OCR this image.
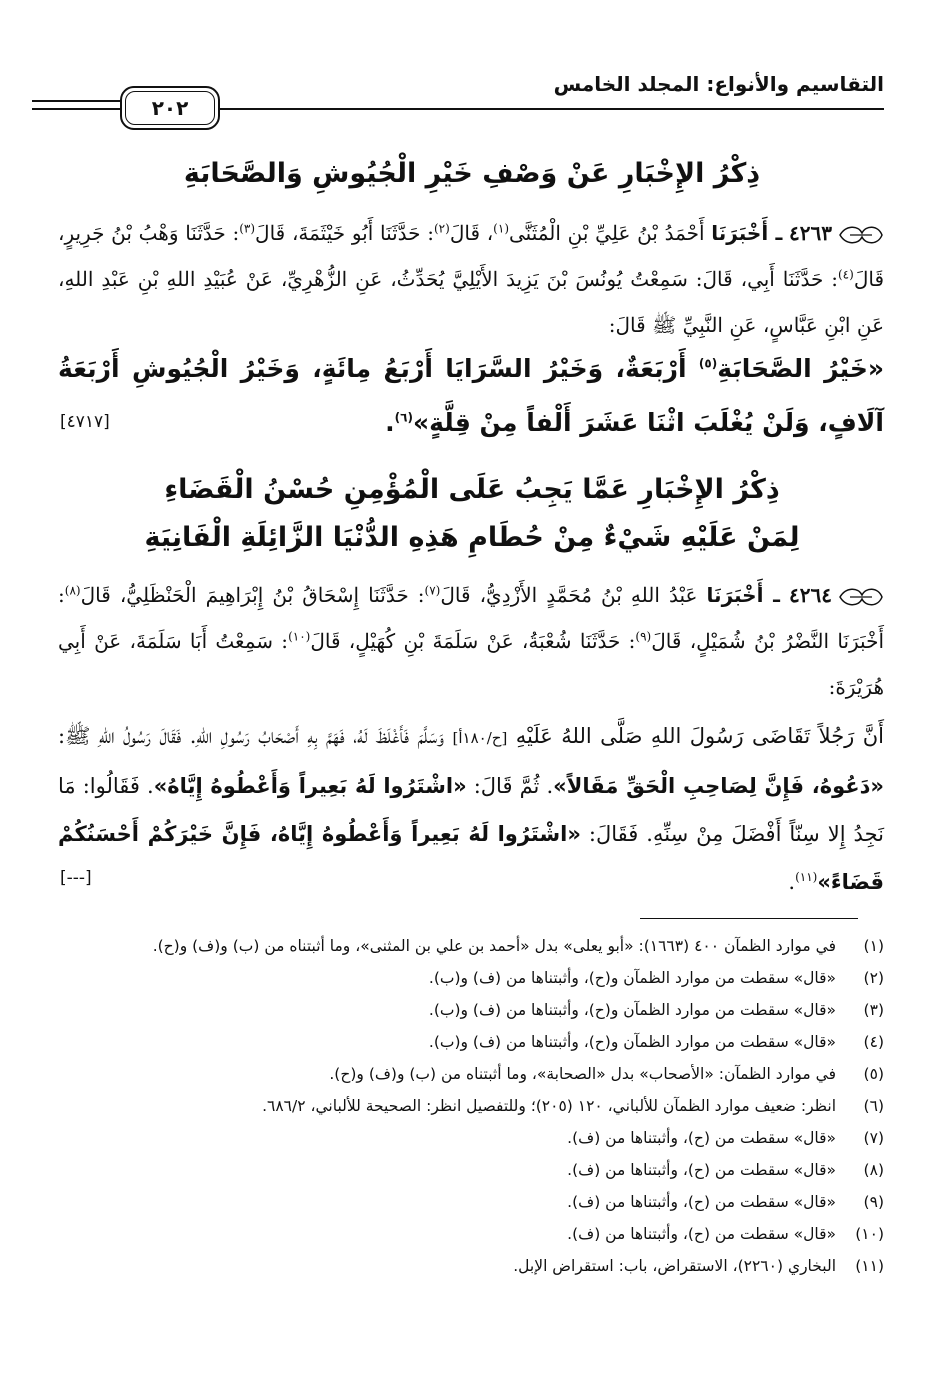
التقاسيم والأنواع: المجلد الخامس
٢٠٢
ذِكْرُ الإِخْبَارِ عَنْ وَصْفِ خَيْرِ الْجُيُوشِ وَالصَّحَابَةِ
٤٢٦٣ ـ أَخْبَرَنَا أَحْمَدُ بْنُ عَلِيِّ بْنِ الْمُثَنَّى$^{(١)}$، قَالَ$^{(٢)}$: حَدَّثَنَا أَبُو خَيْثَمَةَ، قَالَ$^{(٣)}$: حَدَّثَنَا وَهْبُ بْنُ جَرِيرٍ، قَالَ$^{(٤)}$: حَدَّثَنَا أَبِي، قَالَ: سَمِعْتُ يُونُسَ بْنَ يَزِيدَ الأَيْلِيَّ يُحَدِّثُ، عَنِ الزُّهْرِيِّ، عَنْ عُبَيْدِ اللهِ بْنِ عَبْدِ اللهِ، عَنِ ابْنِ عَبَّاسٍ، عَنِ النَّبِيِّ ﷺ قَالَ:
«خَيْرُ الصَّحَابَةِ$^{(٥)}$ أَرْبَعَةٌ، وَخَيْرُ السَّرَايَا أَرْبَعُ مِائَةٍ، وَخَيْرُ الْجُيُوشِ أَرْبَعَةُ آلَافٍ، وَلَنْ يُغْلَبَ اثْنَا عَشَرَ أَلْفاً مِنْ قِلَّةٍ»$^{(٦)}$.
[٤٧١٧]
ذِكْرُ الإِخْبَارِ عَمَّا يَجِبُ عَلَى الْمُؤْمِنِ حُسْنُ الْقَضَاءِ
لِمَنْ عَلَيْهِ شَيْءٌ مِنْ حُطَامِ هَذِهِ الدُّنْيَا الزَّائِلَةِ الْفَانِيَةِ
٤٢٦٤ ـ أَخْبَرَنَا عَبْدُ اللهِ بْنُ مُحَمَّدٍ الأَزْدِيُّ، قَالَ$^{(٧)}$: حَدَّثَنَا إِسْحَاقُ بْنُ إِبْرَاهِيمَ الْحَنْظَلِيُّ، قَالَ$^{(٨)}$: أَخْبَرَنَا النَّضْرُ بْنُ شُمَيْلٍ، قَالَ$^{(٩)}$: حَدَّثَنَا شُعْبَةُ، عَنْ سَلَمَةَ بْنِ كُهَيْلٍ، قَالَ$^{(١٠)}$: سَمِعْتُ أَبَا سَلَمَةَ، عَنْ أَبِي هُرَيْرَةَ:
أَنَّ رَجُلاً تَقَاضَى رَسُولَ اللهِ صَلَّى اللهُ عَلَيْهِ [ح/١٨٠أ] وَسَلَّمَ فَأَغْلَظَ لَهُ، فَهَمَّ بِهِ أَصْحَابُ رَسُولِ اللهِ. فَقَالَ رَسُولُ اللهِ ﷺ: «دَعُوهُ، فَإِنَّ لِصَاحِبِ الْحَقِّ مَقَالاً». ثُمَّ قَالَ: «اشْتَرُوا لَهُ بَعِيراً وَأَعْطُوهُ إِيَّاهُ». فَقَالُوا: مَا نَجِدُ إِلا سِنّاً أَفْضَلَ مِنْ سِنِّهِ. فَقَالَ: «اشْتَرُوا لَهُ بَعِيراً وَأَعْطُوهُ إِيَّاهُ، فَإِنَّ خَيْرَكُمْ أَحْسَنُكُمْ قَضَاءً»$^{(١١)}$.
[---]
(١)
في موارد الظمآن ٤٠٠ (١٦٦٣): «أبو يعلى» بدل «أحمد بن علي بن المثنى»، وما أثبتناه من (ب) و(ف) و(ح).
(٢)
«قال» سقطت من موارد الظمآن و(ح)، وأثبتناها من (ف) و(ب).
(٣)
«قال» سقطت من موارد الظمآن و(ح)، وأثبتناها من (ف) و(ب).
(٤)
«قال» سقطت من موارد الظمآن و(ح)، وأثبتناها من (ف) و(ب).
(٥)
في موارد الظمآن: «الأصحاب» بدل «الصحابة»، وما أثبتناه من (ب) و(ف) و(ح).
(٦)
انظر: ضعيف موارد الظمآن للألباني، ١٢٠ (٢٠٥)؛ وللتفصيل انظر: الصحيحة للألباني، ٦٨٦/٢.
(٧)
«قال» سقطت من (ح)، وأثبتناها من (ف).
(٨)
«قال» سقطت من (ح)، وأثبتناها من (ف).
(٩)
«قال» سقطت من (ح)، وأثبتناها من (ف).
(١٠)
«قال» سقطت من (ح)، وأثبتناها من (ف).
(١١)
البخاري (٢٢٦٠)، الاستقراض، باب: استقراض الإبل.
